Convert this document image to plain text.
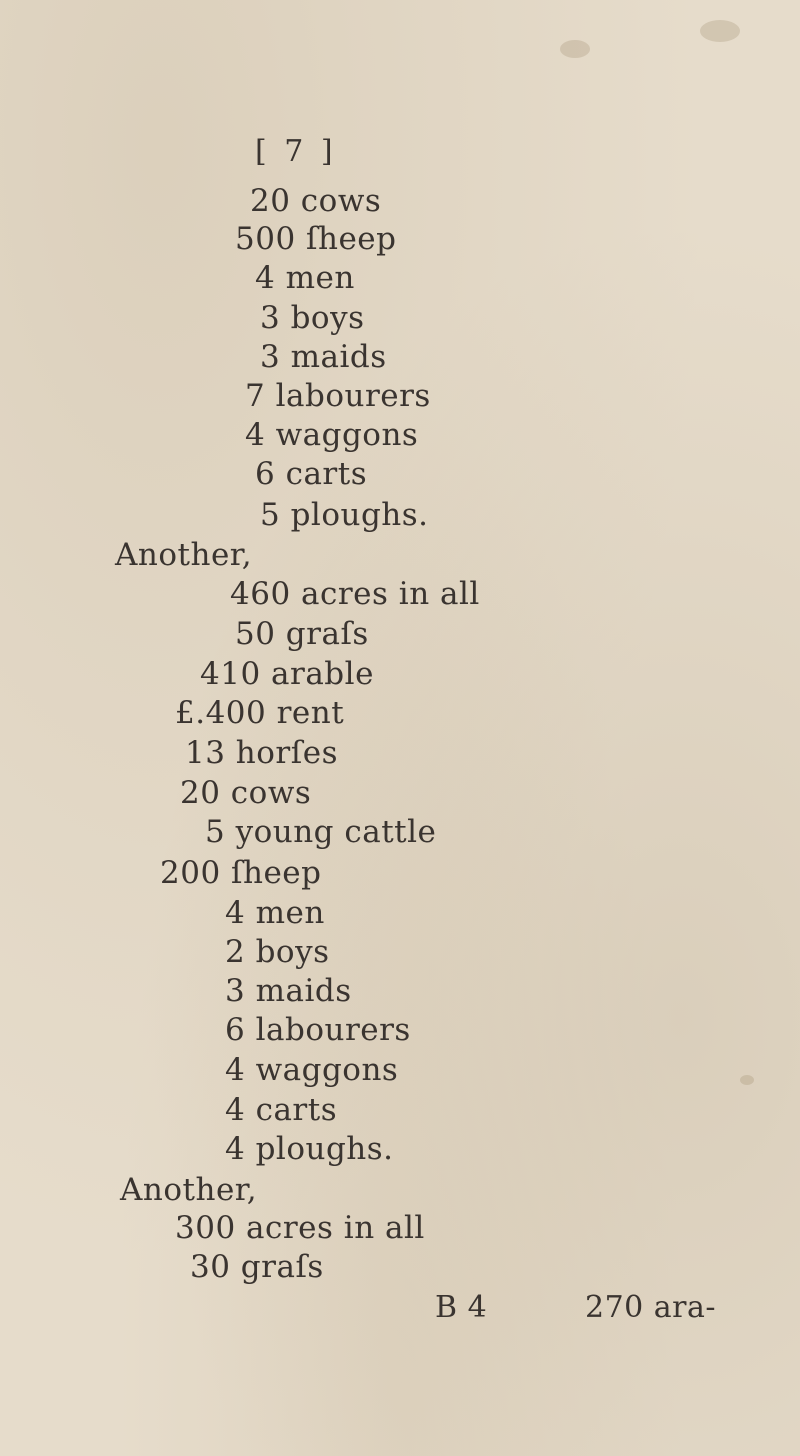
[ 7 ]
20 cows
500 ſheep
4 men
3 boys
3 maids
7 labourers
4 waggons
6 carts
5 ploughs.
Another,
460 acres in all
50 graſs
410 arable
£.400 rent
13 horſes
20 cows
5 young cattle
200 ſheep
4 men
2 boys
3 maids
6 labourers
4 waggons
4 carts
4 ploughs.
Another,
300 acres in all
30 graſs
B 4	270 ara-
